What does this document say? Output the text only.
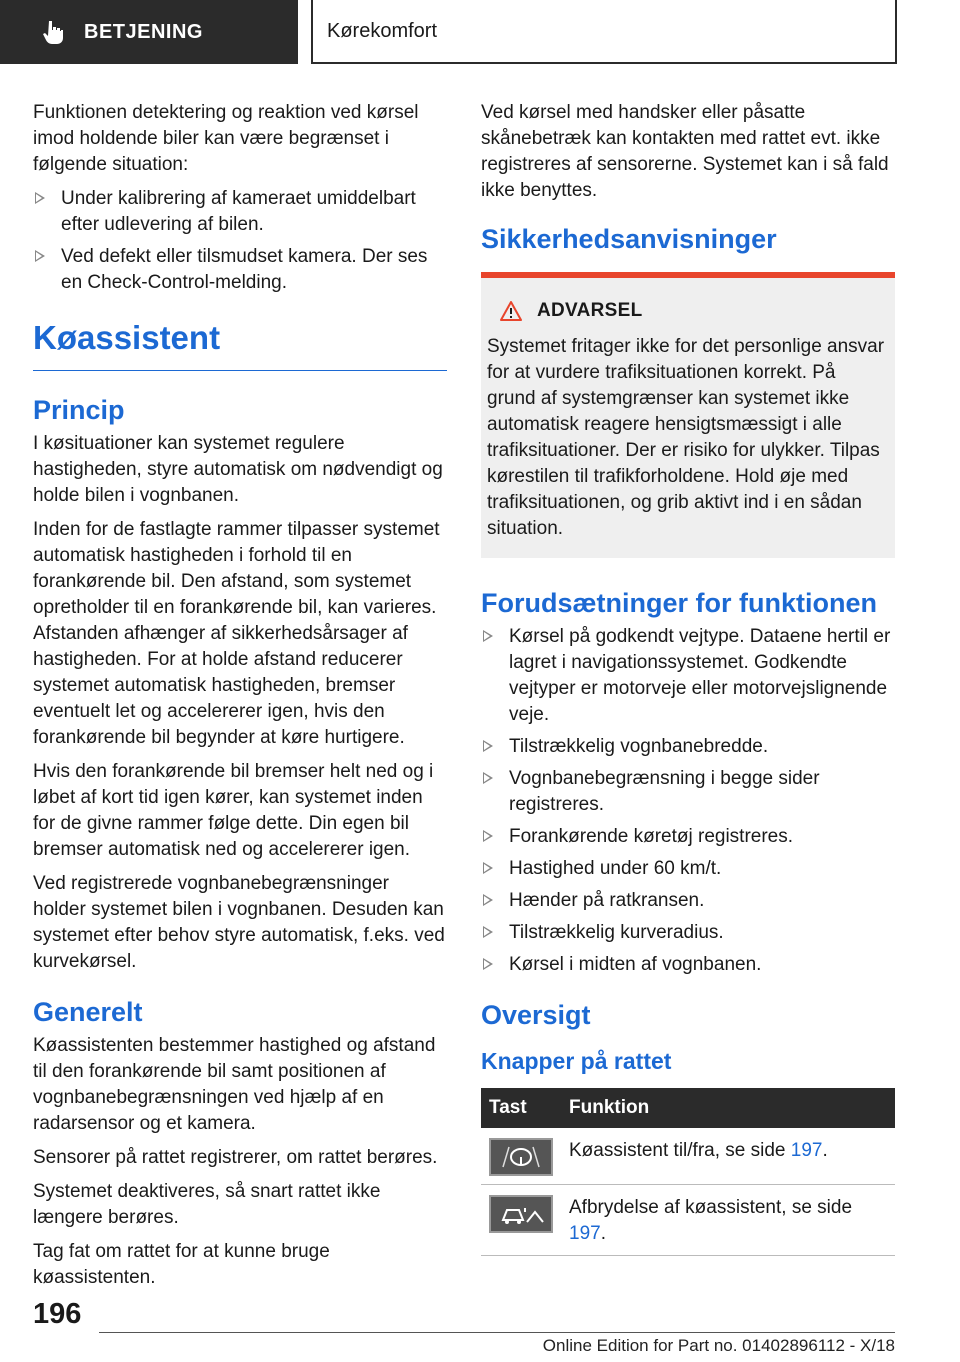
BETJENING	Kørekomfort

Funktionen detektering og reaktion ved kørsel imod holdende biler kan være begrænset i følgende situation:

Under kalibrering af kameraet umiddelbart efter udlevering af bilen.
Ved defekt eller tilsmudset kamera. Der ses en Check-Control-melding.
Køassistent
Princip

I køsituationer kan systemet regulere hastigheden, styre automatisk om nødvendigt og holde bilen i vognbanen.

Inden for de fastlagte rammer tilpasser systemet automatisk hastigheden i forhold til en forankørende bil. Den afstand, som systemet opretholder til en forankørende bil, kan varieres. Afstanden afhænger af sikkerhedsårsager af hastigheden. For at holde afstand reducerer systemet automatisk hastigheden, bremser eventuelt let og accelererer igen, hvis den forankørende bil begynder at køre hurtigere.

Hvis den forankørende bil bremser helt ned og i løbet af kort tid igen kører, kan systemet inden for de givne rammer følge dette. Din egen bil bremser automatisk ned og accelererer igen.

Ved registrerede vognbanebegrænsninger holder systemet bilen i vognbanen. Desuden kan systemet efter behov styre automatisk, f.eks. ved kurvekørsel.

Generelt

Køassistenten bestemmer hastighed og afstand til den forankørende bil samt positionen af vognbanebegrænsningen ved hjælp af en radarsensor og et kamera.

Sensorer på rattet registrerer, om rattet berøres.

Systemet deaktiveres, så snart rattet ikke længere berøres.

Tag fat om rattet for at kunne bruge køassistenten.

Ved kørsel med handsker eller påsatte skånebetræk kan kontakten med rattet evt. ikke registreres af sensorerne. Systemet kan i så fald ikke benyttes.

Sikkerhedsanvisninger
ADVARSEL
Systemet fritager ikke for det personlige ansvar for at vurdere trafiksituationen korrekt. På grund af systemgrænser kan systemet ikke automatisk reagere hensigtsmæssigt i alle trafiksituationer. Der er risiko for ulykker. Tilpas kørestilen til trafikforholdene. Hold øje med trafiksituationen, og grib aktivt ind i en sådan situation.
Forudsætninger for funktionen
Kørsel på godkendt vejtype. Dataene hertil er lagret i navigationssystemet. Godkendte vejtyper er motorveje eller motorvejslignende veje.
Tilstrækkelig vognbanebredde.
Vognbanebegrænsning i begge sider registreres.
Forankørende køretøj registreres.
Hastighed under 60 km/t.
Hænder på ratkransen.
Tilstrækkelig kurveradius.
Kørsel i midten af vognbanen.
Oversigt
Knapper på rattet
Tast	Funktion

	Køassistent til/fra, se side 197.

	Afbrydelse af køassistent, se side 197.
196
Online Edition for Part no. 01402896112 - X/18
